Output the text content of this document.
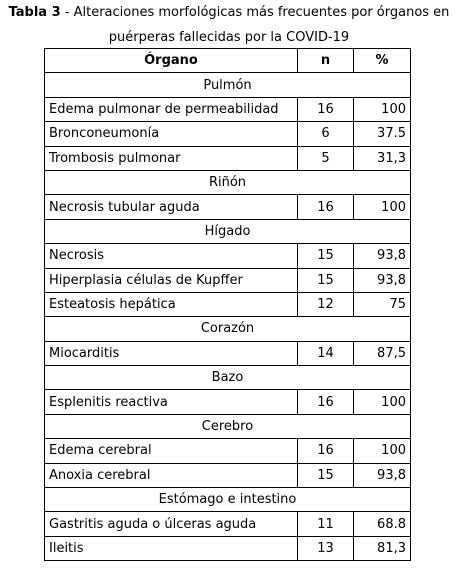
Tabla 3 - Alteraciones morfológicas más frecuentes por órganos en
puérperas fallecidas por la COVID-19
Órgano	n	%
Pulmón		
Edema pulmonar de permeabilidad	16	100
Bronconeumonía	6	37.5
Trombosis pulmonar	5	31,3
Riñón		
Necrosis tubular aguda	16	100
Hígado		
Necrosis	15	93,8
Hiperplasia células de Kupffer	15	93,8
Esteatosis hepática	12	75
Corazón		
Miocarditis	14	87,5
Bazo		
Esplenitis reactiva	16	100
Cerebro		
Edema cerebral	16	100
Anoxia cerebral	15	93,8
Estómago e intestino		
Gastritis aguda o úlceras aguda	11	68.8
Ileitis	13	81,3
